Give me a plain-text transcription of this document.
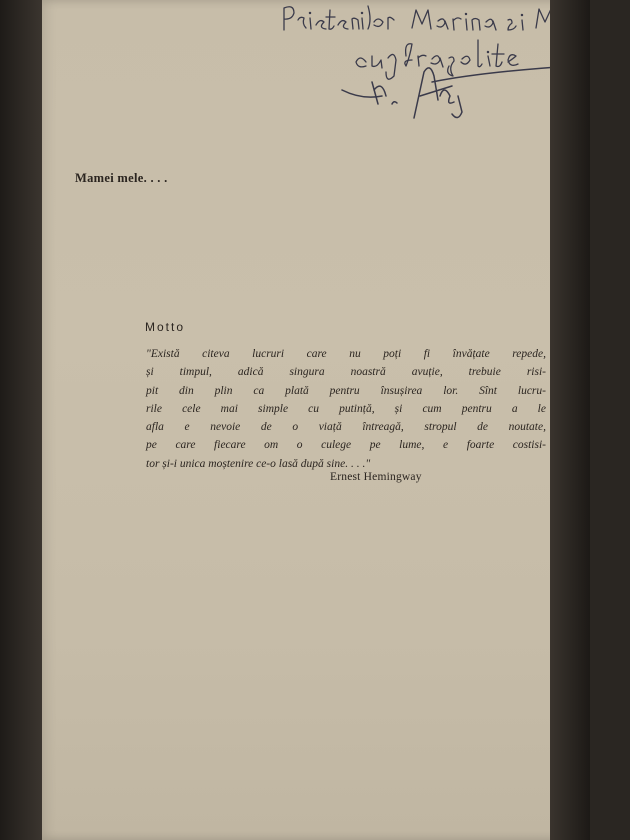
Mamei mele. . . .
Motto
"Există citeva lucruri care nu poți fi învățate repede,
și timpul, adică singura noastră avuție, trebuie risi-
pit din plin ca plată pentru însușirea lor. Sînt lucru-
rile cele mai simple cu putință, și cum pentru a le
afla e nevoie de o viață întreagă, stropul de noutate,
pe care fiecare om o culege pe lume, e foarte costisi-
tor și-i unica moștenire ce-o lasă după sine. . . ."
Ernest Hemingway
